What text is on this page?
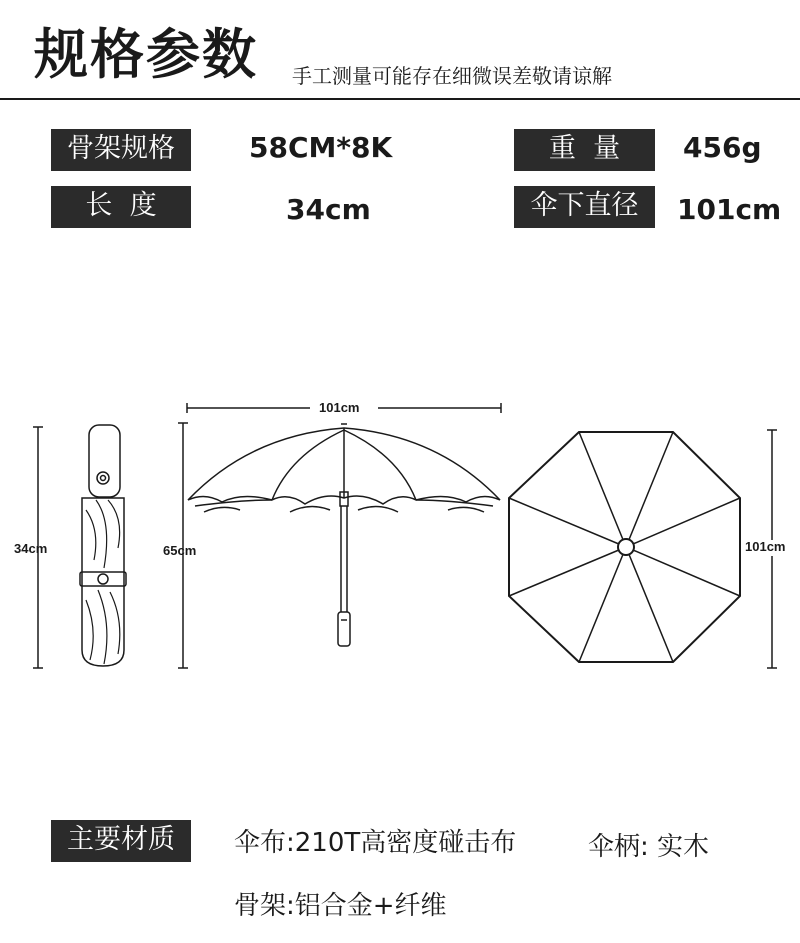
规格参数 手工测量可能存在细微误差敬请谅解
骨架规格	58CM*8K	重  量	456g
长  度	34cm	伞下直径	101cm
34cm	65cm
101cm
101cm
主要材质	伞布:210T高密度碰击布	伞柄: 实木
骨架:铝合金+纤维
